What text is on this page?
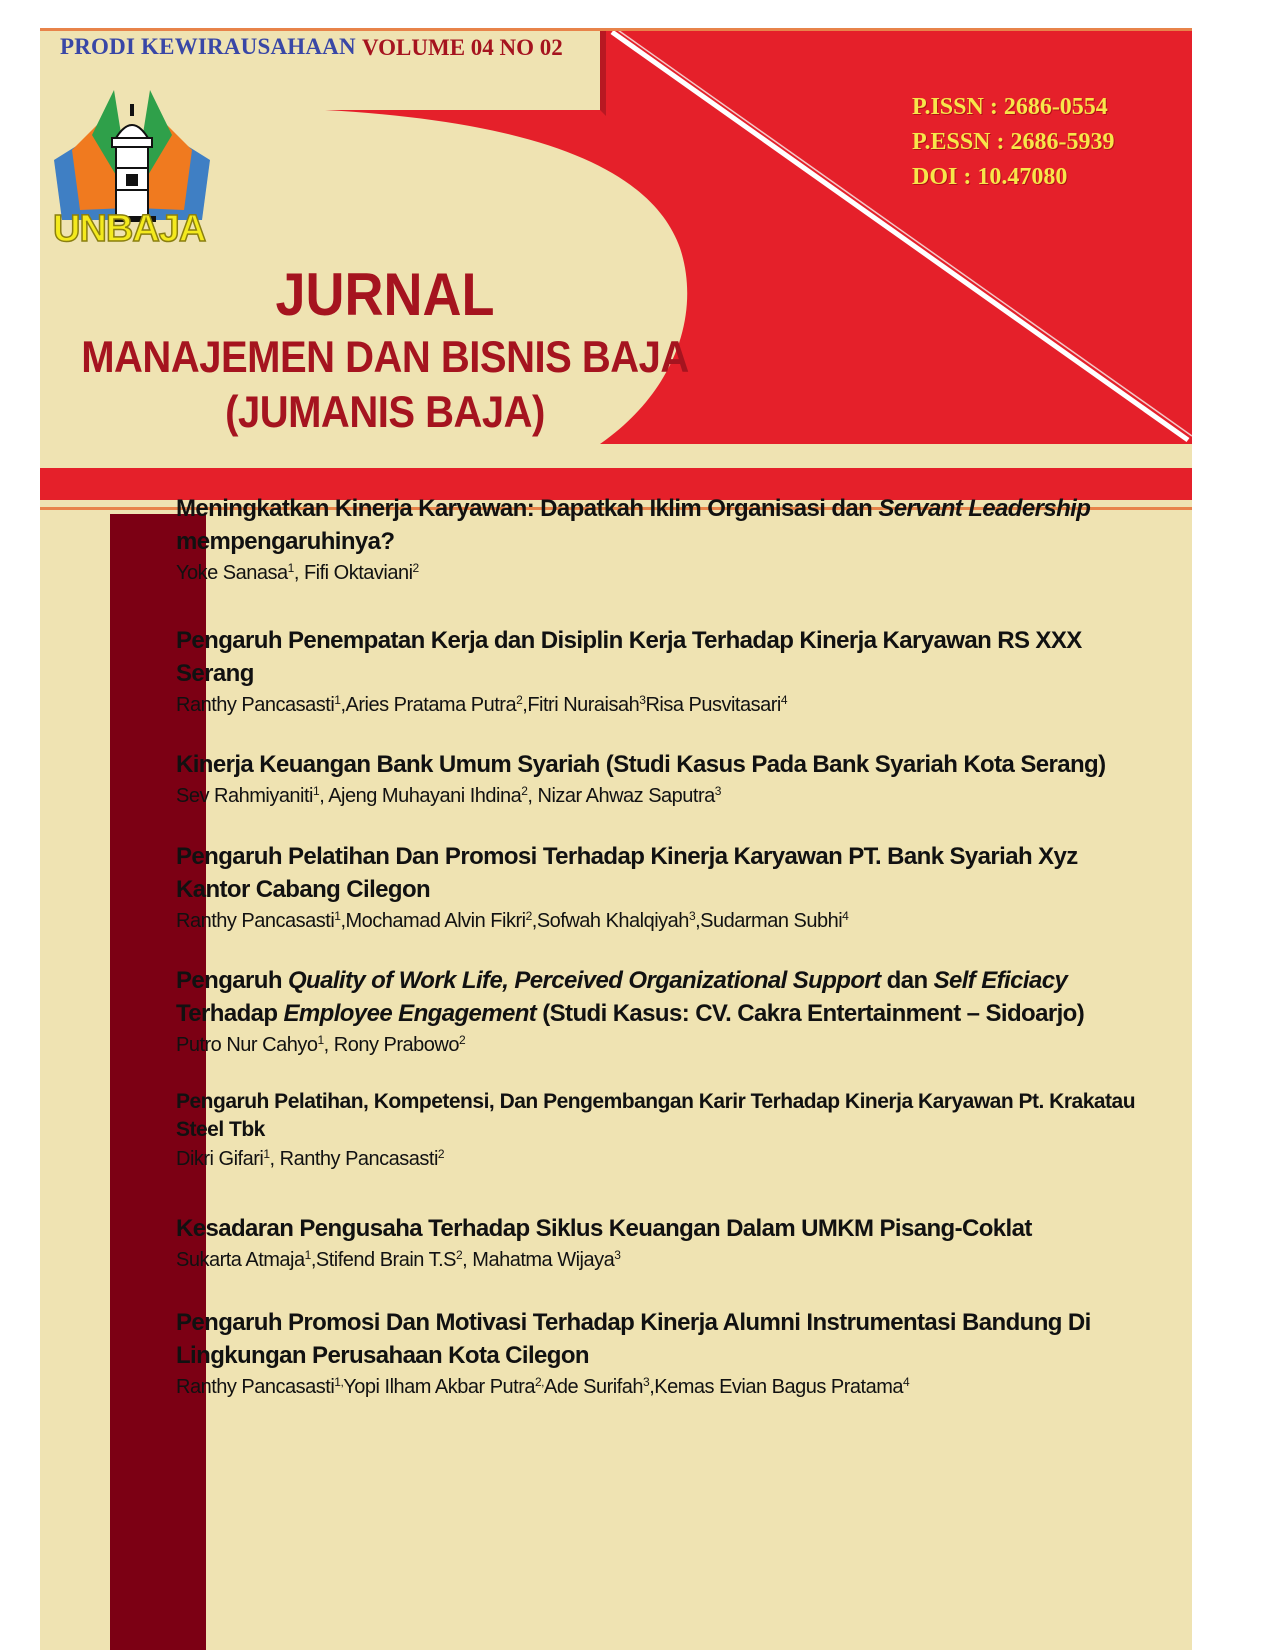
PRODI KEWIRAUSAHAAN VOLUME 04 NO 02
P.ISSN : 2686-0554
P.ESSN : 2686-5939
DOI : 10.47080
UNBAJA
JURNAL
MANAJEMEN DAN BISNIS BAJA
(JUMANIS BAJA)
Meningkatkan Kinerja Karyawan: Dapatkah Iklim Organisasi dan Servant Leadership mempengaruhinya?
Yoke Sanasa$^1$, Fifi Oktaviani$^2$
Pengaruh Penempatan Kerja dan Disiplin Kerja Terhadap Kinerja Karyawan RS XXX Serang
Ranthy Pancasasti$^1$,Aries Pratama Putra$^2$,Fitri Nuraisah$^3$Risa Pusvitasari$^4$
Kinerja Keuangan Bank Umum Syariah (Studi Kasus Pada Bank Syariah Kota Serang)
Sev Rahmiyaniti$^1$, Ajeng Muhayani Ihdina$^2$, Nizar Ahwaz Saputra$^3$
Pengaruh Pelatihan Dan Promosi Terhadap Kinerja Karyawan PT. Bank Syariah Xyz Kantor Cabang Cilegon
Ranthy Pancasasti$^1$,Mochamad Alvin Fikri$^2$,Sofwah Khalqiyah$^3$,Sudarman Subhi$^4$
Pengaruh Quality of Work Life, Perceived Organizational Support dan Self Eficiacy Terhadap Employee Engagement (Studi Kasus: CV. Cakra Entertainment – Sidoarjo)
Putro Nur Cahyo$^1$, Rony Prabowo$^2$
Pengaruh Pelatihan, Kompetensi, Dan Pengembangan Karir Terhadap Kinerja Karyawan Pt. Krakatau Steel Tbk
Dikri Gifari$^1$, Ranthy Pancasasti$^2$
Kesadaran Pengusaha Terhadap Siklus Keuangan Dalam UMKM Pisang-Coklat
Sukarta Atmaja$^1$,Stifend Brain $T.S^2$, Mahatma Wijaya$^3$
Pengaruh Promosi Dan Motivasi Terhadap Kinerja Alumni Instrumentasi Bandung Di Lingkungan Perusahaan Kota Cilegon
Ranthy Pancasasti$^{1,}$Yopi Ilham Akbar Putra$^{2,}$Ade Surifah$^3$,Kemas Evian Bagus Pratama$^4$
